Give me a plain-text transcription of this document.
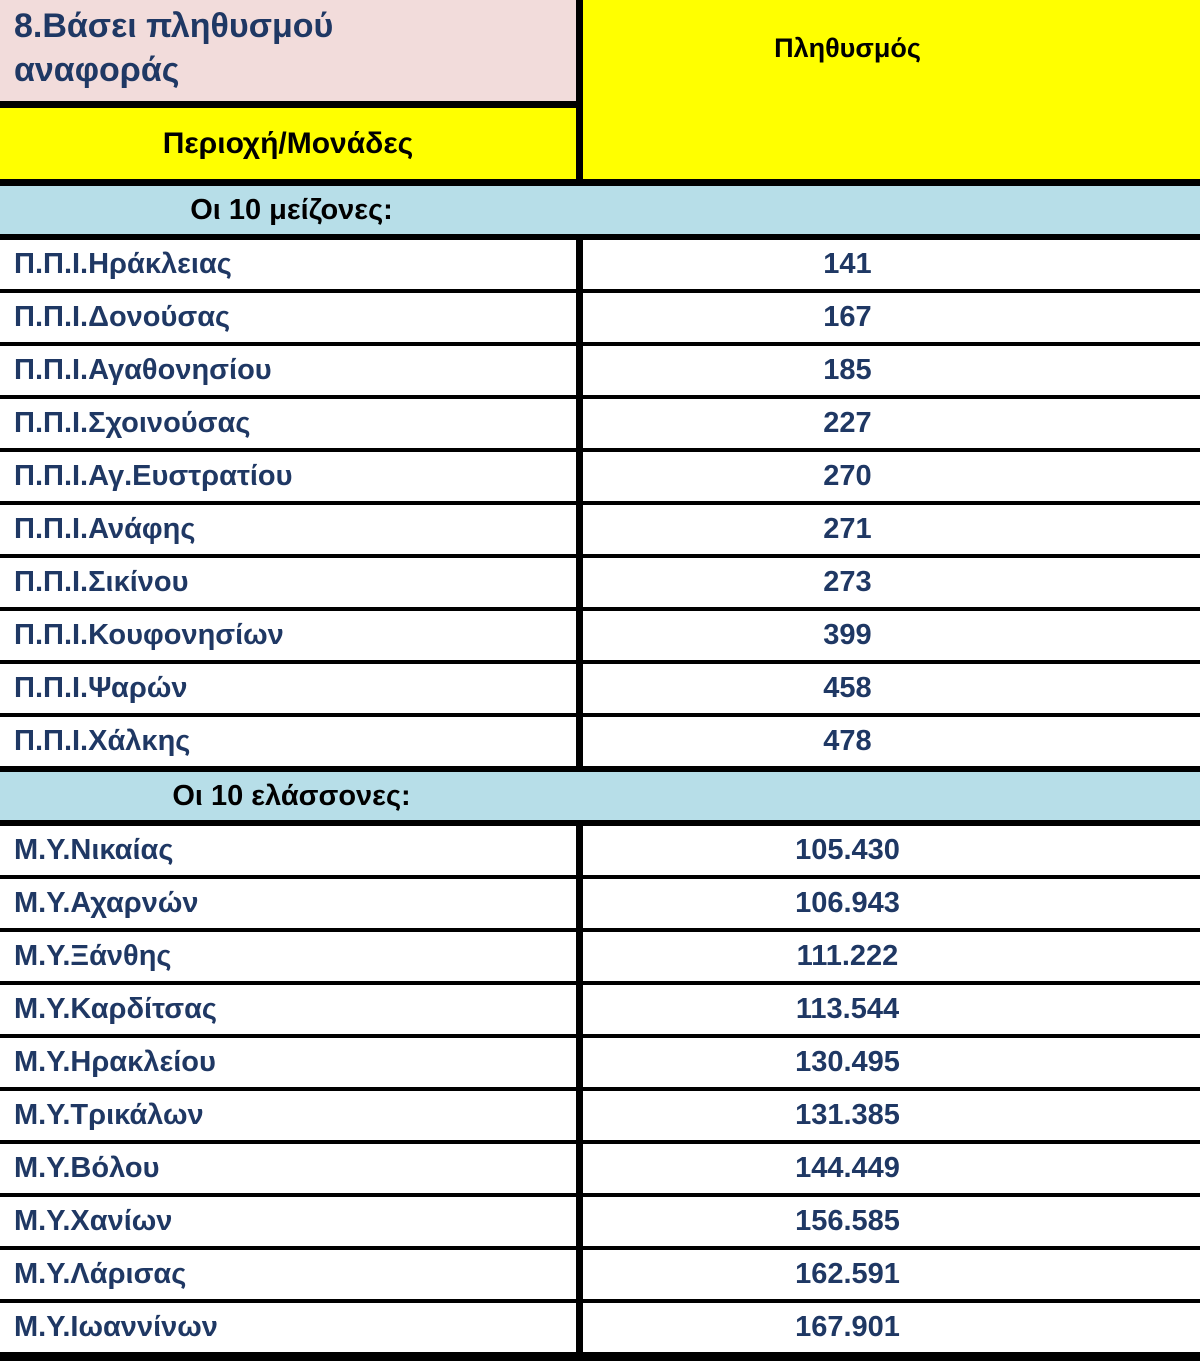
8.Βάσει πληθυσμού αναφοράς
Περιοχή/Μονάδες
Πληθυσμός
Οι 10 μείζονες:
Π.Π.Ι.Ηράκλειας	141
Π.Π.Ι.Δονούσας	167
Π.Π.Ι.Αγαθονησίου	185
Π.Π.Ι.Σχοινούσας	227
Π.Π.Ι.Αγ.Ευστρατίου	270
Π.Π.Ι.Ανάφης	271
Π.Π.Ι.Σικίνου	273
Π.Π.Ι.Κουφονησίων	399
Π.Π.Ι.Ψαρών	458
Π.Π.Ι.Χάλκης	478
Οι 10 ελάσσονες:
Μ.Υ.Νικαίας	105.430
Μ.Υ.Αχαρνών	106.943
Μ.Υ.Ξάνθης	111.222
Μ.Υ.Καρδίτσας	113.544
Μ.Υ.Ηρακλείου	130.495
Μ.Υ.Τρικάλων	131.385
Μ.Υ.Βόλου	144.449
Μ.Υ.Χανίων	156.585
Μ.Υ.Λάρισας	162.591
Μ.Υ.Ιωαννίνων	167.901
